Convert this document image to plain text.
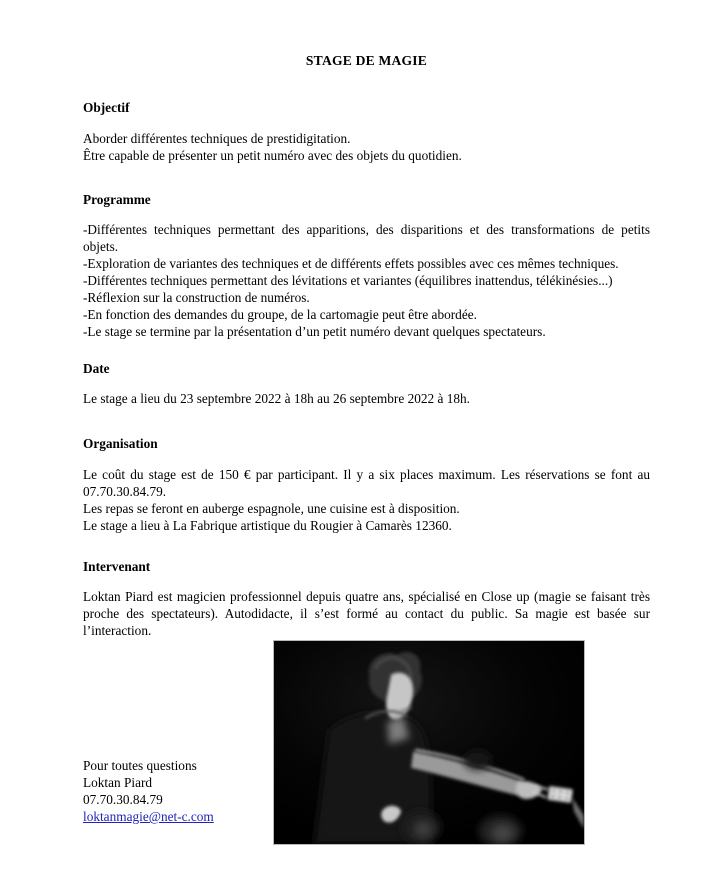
STAGE DE MAGIE
Objectif
Aborder différentes techniques de prestidigitation.
Être capable de présenter un petit numéro avec des objets du quotidien.
Programme
-Différentes techniques permettant des apparitions, des disparitions et des transformations de petits
objets.
-Exploration de variantes des techniques et de différents effets possibles avec ces mêmes techniques.
-Différentes techniques permettant des lévitations et variantes (équilibres inattendus, télékinésies...)
-Réflexion sur la construction de numéros.
-En fonction des demandes du groupe, de la cartomagie peut être abordée.
-Le stage se termine par la présentation d’un petit numéro devant quelques spectateurs.
Date
Le stage a lieu du 23 septembre 2022 à 18h au 26 septembre 2022 à 18h.
Organisation
Le coût du stage est de 150 € par participant. Il y a six places maximum. Les réservations se font au
07.70.30.84.79.
Les repas se feront en auberge espagnole, une cuisine est à disposition.
Le stage a lieu à La Fabrique artistique du Rougier à Camarès 12360.
Intervenant
Loktan Piard est magicien professionnel depuis quatre ans, spécialisé en Close up (magie se faisant très
proche des spectateurs). Autodidacte, il s’est formé au contact du public. Sa magie est basée sur
l’interaction.
Pour toutes questions
Loktan Piard
07.70.30.84.79
loktanmagie@net-c.com
